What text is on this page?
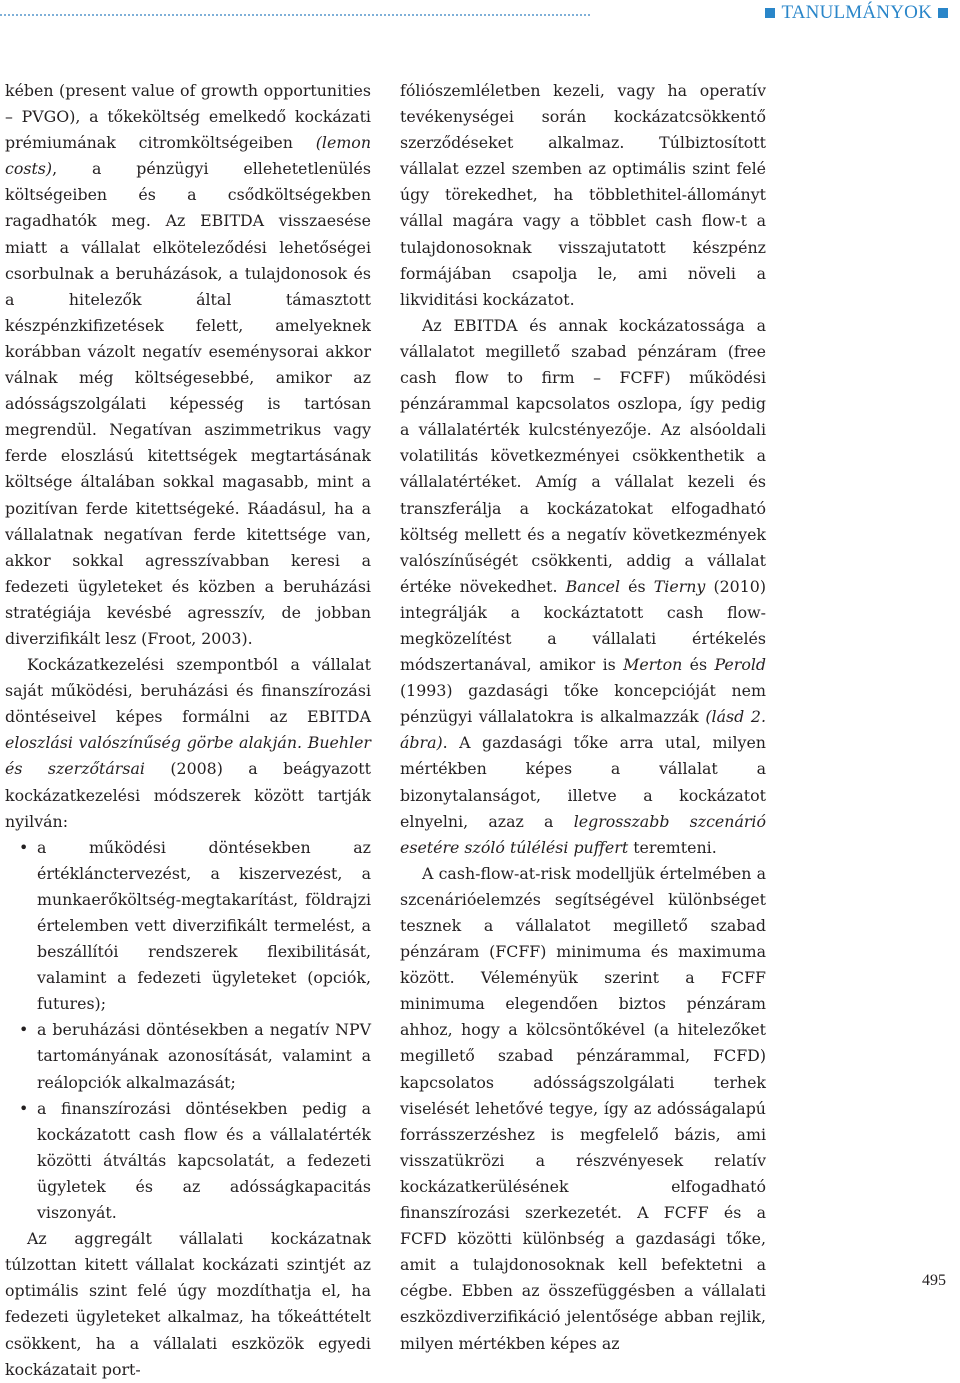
TANULMÁNYOK

kében (present value of growth opportunities – PVGO), a tőkeköltség emelkedő kockázati prémiumának citromköltségeiben (lemon costs), a pénzügyi ellehetetlenülés költségeiben és a csődköltségekben ragadhatók meg. Az EBITDA visszaesése miatt a vállalat elköteleződési lehetőségei csorbulnak a beruházások, a tulajdonosok és a hitelezők által támasztott készpénzkifizetések felett, amelyeknek korábban vázolt negatív eseménysorai akkor válnak még költségesebbé, amikor az adósságszolgálati képesség is tartósan megrendül. Negatívan aszimmetrikus vagy ferde eloszlású kitettségek megtartásának költsége általában sokkal magasabb, mint a pozitívan ferde kitettségeké. Ráadásul, ha a vállalatnak negatívan ferde kitettsége van, akkor sokkal agresszívabban keresi a fedezeti ügyleteket és közben a beruházási stratégiája kevésbé agresszív, de jobban diverzifikált lesz (Froot, 2003).

Kockázatkezelési szempontból a vállalat saját működési, beruházási és finanszírozási döntéseivel képes formálni az EBITDA eloszlási valószínűség görbe alakján. Buehler és szerzőtársai (2008) a beágyazott kockázatkezelési módszerek között tartják nyilván:

• a működési döntésekben az értéklánctervezést, a kiszervezést, a munkaerőköltség-megtakarítást, földrajzi értelemben vett diverzifikált termelést, a beszállítói rendszerek flexibilitását, valamint a fedezeti ügyleteket (opciók, futures);
• a beruházási döntésekben a negatív NPV tartományának azonosítását, valamint a reálopciók alkalmazását;
• a finanszírozási döntésekben pedig a kockázatott cash flow és a vállalatérték közötti átváltás kapcsolatát, a fedezeti ügyletek és az adósságkapacitás viszonyát.

Az aggregált vállalati kockázatnak túlzottan kitett vállalat kockázati szintjét az optimális szint felé úgy mozdíthatja el, ha fedezeti ügyleteket alkalmaz, ha tőkeáttételt csökkent, ha a vállalati eszközök egyedi kockázatait port-

fóliószemléletben kezeli, vagy ha operatív tevékenységei során kockázatcsökkentő szerződéseket alkalmaz. Túlbiztosított vállalat ezzel szemben az optimális szint felé úgy törekedhet, ha többlethitel-állományt vállal magára vagy a többlet cash flow-t a tulajdonosoknak visszajutatott készpénz formájában csapolja le, ami növeli a likviditási kockázatot.

Az EBITDA és annak kockázatossága a vállalatot megillető szabad pénzáram (free cash flow to firm – FCFF) működési pénzárammal kapcsolatos oszlopa, így pedig a vállalatérték kulcstényezője. Az alsóoldali volatilitás következményei csökkenthetik a vállalatértéket. Amíg a vállalat kezeli és transzferálja a kockázatokat elfogadható költség mellett és a negatív következmények valószínűségét csökkenti, addig a vállalat értéke növekedhet. Bancel és Tierny (2010) integrálják a kockáztatott cash flow-megközelítést a vállalati értékelés módszertanával, amikor is Merton és Perold (1993) gazdasági tőke koncepcióját nem pénzügyi vállalatokra is alkalmazzák (lásd 2. ábra). A gazdasági tőke arra utal, milyen mértékben képes a vállalat a bizonytalanságot, illetve a kockázatot elnyelni, azaz a legrosszabb szcenárió esetére szóló túlélési puffert teremteni.

A cash-flow-at-risk modelljük értelmében a szcenárióelemzés segítségével különbséget tesznek a vállalatot megillető szabad pénzáram (FCFF) minimuma és maximuma között. Véleményük szerint a FCFF minimuma elegendően biztos pénzáram ahhoz, hogy a kölcsöntőkével (a hitelezőket megillető szabad pénzárammal, FCFD) kapcsolatos adósságszolgálati terhek viselését lehetővé tegye, így az adósságalapú forrásszerzéshez is megfelelő bázis, ami visszatükrözi a részvényesek relatív kockázatkerülésének elfogadható finanszírozási szerkezetét. A FCFF és a FCFD közötti különbség a gazdasági tőke, amit a tulajdonosoknak kell befektetni a cégbe. Ebben az összefüggésben a vállalati eszközdiverzifikáció jelentősége abban rejlik, milyen mértékben képes az

495
